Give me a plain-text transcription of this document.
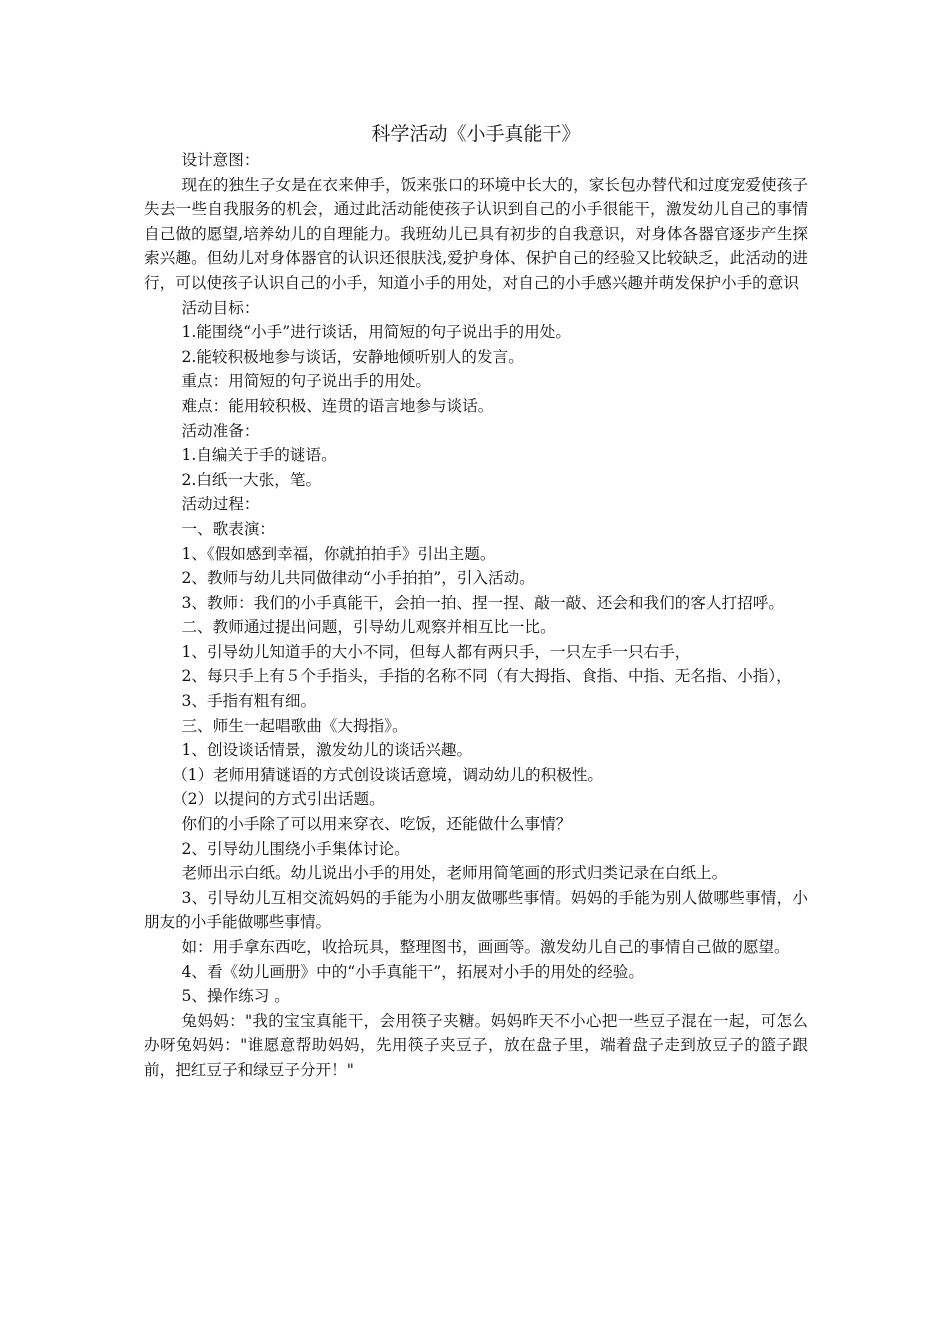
科学活动《小手真能干》

设计意图：

现在的独生子女是在衣来伸手，饭来张口的环境中长大的，家长包办替代和过度宠爱使孩子失去一些自我服务的机会，通过此活动能使孩子认识到自己的小手很能干，激发幼儿自己的事情自己做的愿望,培养幼儿的自理能力。我班幼儿已具有初步的自我意识，对身体各器官逐步产生探索兴趣。但幼儿对身体器官的认识还很肤浅,爱护身体、保护自己的经验又比较缺乏，此活动的进行，可以使孩子认识自己的小手，知道小手的用处，对自己的小手感兴趣并萌发保护小手的意识

活动目标：

1.能围绕“小手”进行谈话，用简短的句子说出手的用处。

2.能较积极地参与谈话，安静地倾听别人的发言。

重点：用简短的句子说出手的用处。

难点：能用较积极、连贯的语言地参与谈话。

活动准备：

1.自编关于手的谜语。

2.白纸一大张，笔。

活动过程：

一、歌表演：

1、《假如感到幸福，你就拍拍手》引出主题。

2、教师与幼儿共同做律动“小手拍拍”，引入活动。

3、教师：我们的小手真能干，会拍一拍、捏一捏、敲一敲、还会和我们的客人打招呼。

二、教师通过提出问题，引导幼儿观察并相互比一比。

1、引导幼儿知道手的大小不同，但每人都有两只手，一只左手一只右手，

2、每只手上有５个手指头，手指的名称不同（有大拇指、食指、中指、无名指、小指），

3、手指有粗有细。

三、师生一起唱歌曲《大拇指》。

1、创设谈话情景，激发幼儿的谈话兴趣。

（1）老师用猜谜语的方式创设谈话意境，调动幼儿的积极性。

（2）以提问的方式引出话题。

你们的小手除了可以用来穿衣、吃饭，还能做什么事情？

2、引导幼儿围绕小手集体讨论。

老师出示白纸。幼儿说出小手的用处，老师用简笔画的形式归类记录在白纸上。

3、引导幼儿互相交流妈妈的手能为小朋友做哪些事情。妈妈的手能为别人做哪些事情，小朋友的小手能做哪些事情。

如：用手拿东西吃，收拾玩具，整理图书，画画等。激发幼儿自己的事情自己做的愿望。

4、看《幼儿画册》中的“小手真能干”，拓展对小手的用处的经验。

5、操作练习 。

兔妈妈："我的宝宝真能干，会用筷子夹糖。妈妈昨天不小心把一些豆子混在一起，可怎么办呀兔妈妈："谁愿意帮助妈妈，先用筷子夹豆子，放在盘子里，端着盘子走到放豆子的篮子跟前，把红豆子和绿豆子分开！"
